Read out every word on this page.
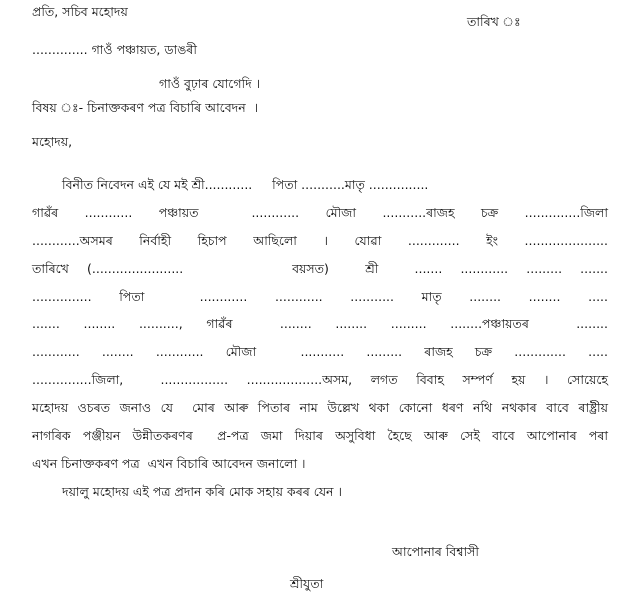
প্ৰতি, সচিব মহোদয়
তাৰিখ ঃ
.............. গাওঁ পঞ্চায়ত, ডাঙৰী
গাওঁ বুঢ়াৰ যোগেদি ।
বিষয় ঃ- চিনাক্তকৰণ পত্ৰ বিচাৰি আবেদন  ।
মহোদয়,
বিনীত নিবেদন এই যে মই শ্ৰী............     পিতা ...........মাতৃ ...............
গাৱঁৰ ............ পঞ্চায়ত  ............ মৌজা ...........ৰাজহ চক্ৰ ..............জিলা
............অসমৰ নিৰ্বাহী হিচাপ আছিলো । যোৱা ............. ইং .....................
তাৰিখে (.......................      বয়সত)  শ্ৰী  ....... ............ ......... .......
............... পিতা  ............ ............ ........... মাতৃ ........ ........ .....
....... ........ .........., গাৱঁৰ  ........ ........ ......... ........পঞ্চায়তৰ  ........
............ ........ ............ মৌজা  ........... ......... ৰাজহ চক্ৰ ............. .....
...............জিলা,  ................. ...................অসম, লগত বিবাহ সম্পৰ্ণ হয় । সোয়েহে
মহোদয় ওচৰত জনাও যে  মোৰ আৰু পিতাৰ নাম উল্লেখ থকা কোনো ধৰণ নথি নথকাৰ বাবে ৰাষ্ট্ৰীয়
নাগৰিক পঞ্জীয়ন উন্নীতকৰণৰ  প্ৰ-পত্ৰ জমা দিয়াৰ অসুবিধা হৈছে আৰু সেই বাবে আপোনাৰ পৰা
এখন চিনাক্তকৰণ পত্ৰ  এখন বিচাৰি আবেদন জনালো ।
দয়ালু মহোদয় এই পত্ৰ প্ৰদান কৰি মোক সহায় কৰৰ যেন ।
আপোনাৰ বিশ্বাসী
শ্ৰীযুতা
